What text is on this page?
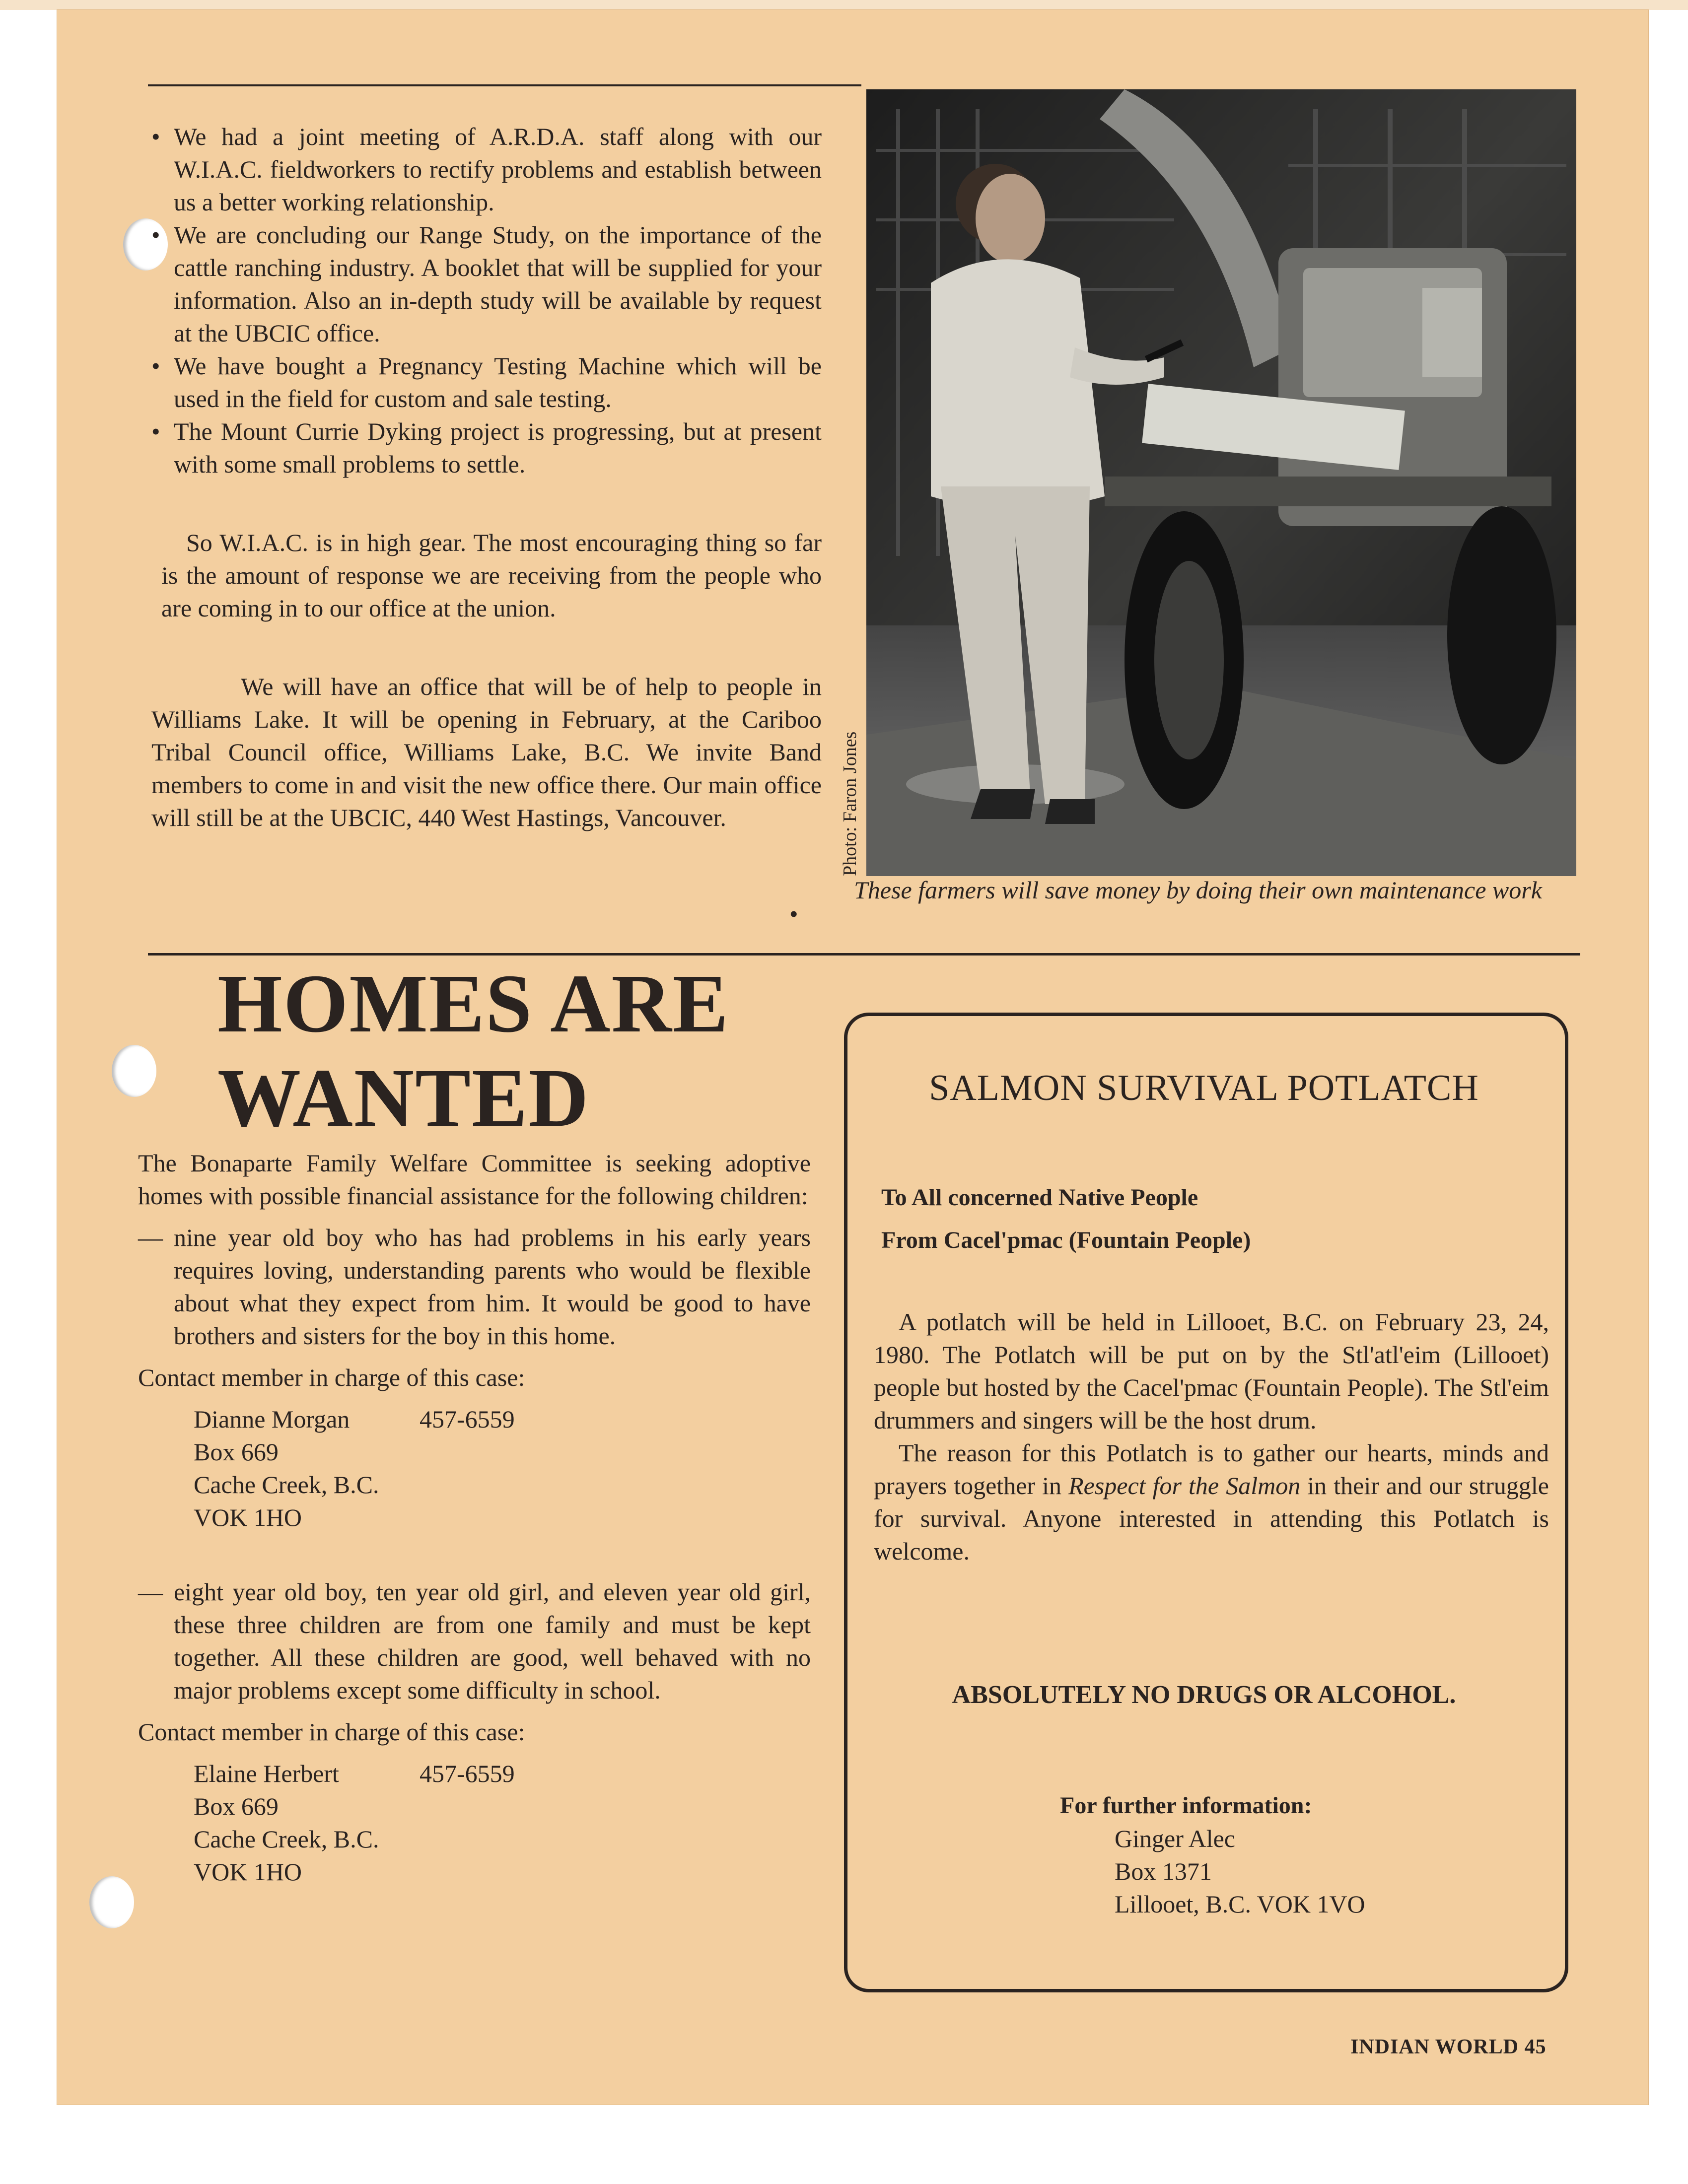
• We had a joint meeting of A.R.D.A. staff along with our W.I.A.C. fieldworkers to rectify problems and establish between us a better working relationship.
• We are concluding our Range Study, on the importance of the cattle ranching industry. A booklet that will be supplied for your information. Also an in-depth study will be available by request at the UBCIC office.
• We have bought a Pregnancy Testing Machine which will be used in the field for custom and sale testing.
• The Mount Currie Dyking project is progressing, but at present with some small problems to settle.

So W.I.A.C. is in high gear. The most encouraging thing so far is the amount of response we are receiving from the people who are coming in to our office at the union.

We will have an office that will be of help to people in Williams Lake. It will be opening in February, at the Cariboo Tribal Council office, Williams Lake, B.C. We invite Band members to come in and visit the new office there. Our main office will still be at the UBCIC, 440 West Hastings, Vancouver.	Photo: Faron Jones
These farmers will save money by doing their own maintenance work
•
HOMES ARE
WANTED

The Bonaparte Family Welfare Committee is seeking adoptive homes with possible financial assistance for the following children:

— nine year old boy who has had problems in his early years requires loving, understanding parents who would be flexible about what they expect from him. It would be good to have brothers and sisters for the boy in this home.

Contact member in charge of this case:

Dianne Morgan	457-6559
Box 669
Cache Creek, B.C.
VOK 1HO
— eight year old boy, ten year old girl, and eleven year old girl, these three children are from one family and must be kept together. All these children are good, well behaved with no major problems except some difficulty in school.

Contact member in charge of this case:

Elaine Herbert	457-6559
Box 669
Cache Creek, B.C.
VOK 1HO
SALMON SURVIVAL POTLATCH
To All concerned Native People
From Cacel'pmac (Fountain People)

A potlatch will be held in Lillooet, B.C. on February 23, 24, 1980. The Potlatch will be put on by the Stl'atl'eim (Lillooet) people but hosted by the Cacel'pmac (Fountain People). The Stl'eim drummers and singers will be the host drum.

The reason for this Potlatch is to gather our hearts, minds and prayers together in Respect for the Salmon in their and our struggle for survival. Anyone interested in attending this Potlatch is welcome.

ABSOLUTELY NO DRUGS OR ALCOHOL.
For further information:
Ginger Alec
Box 1371
Lillooet, B.C. VOK 1VO
INDIAN WORLD 45
